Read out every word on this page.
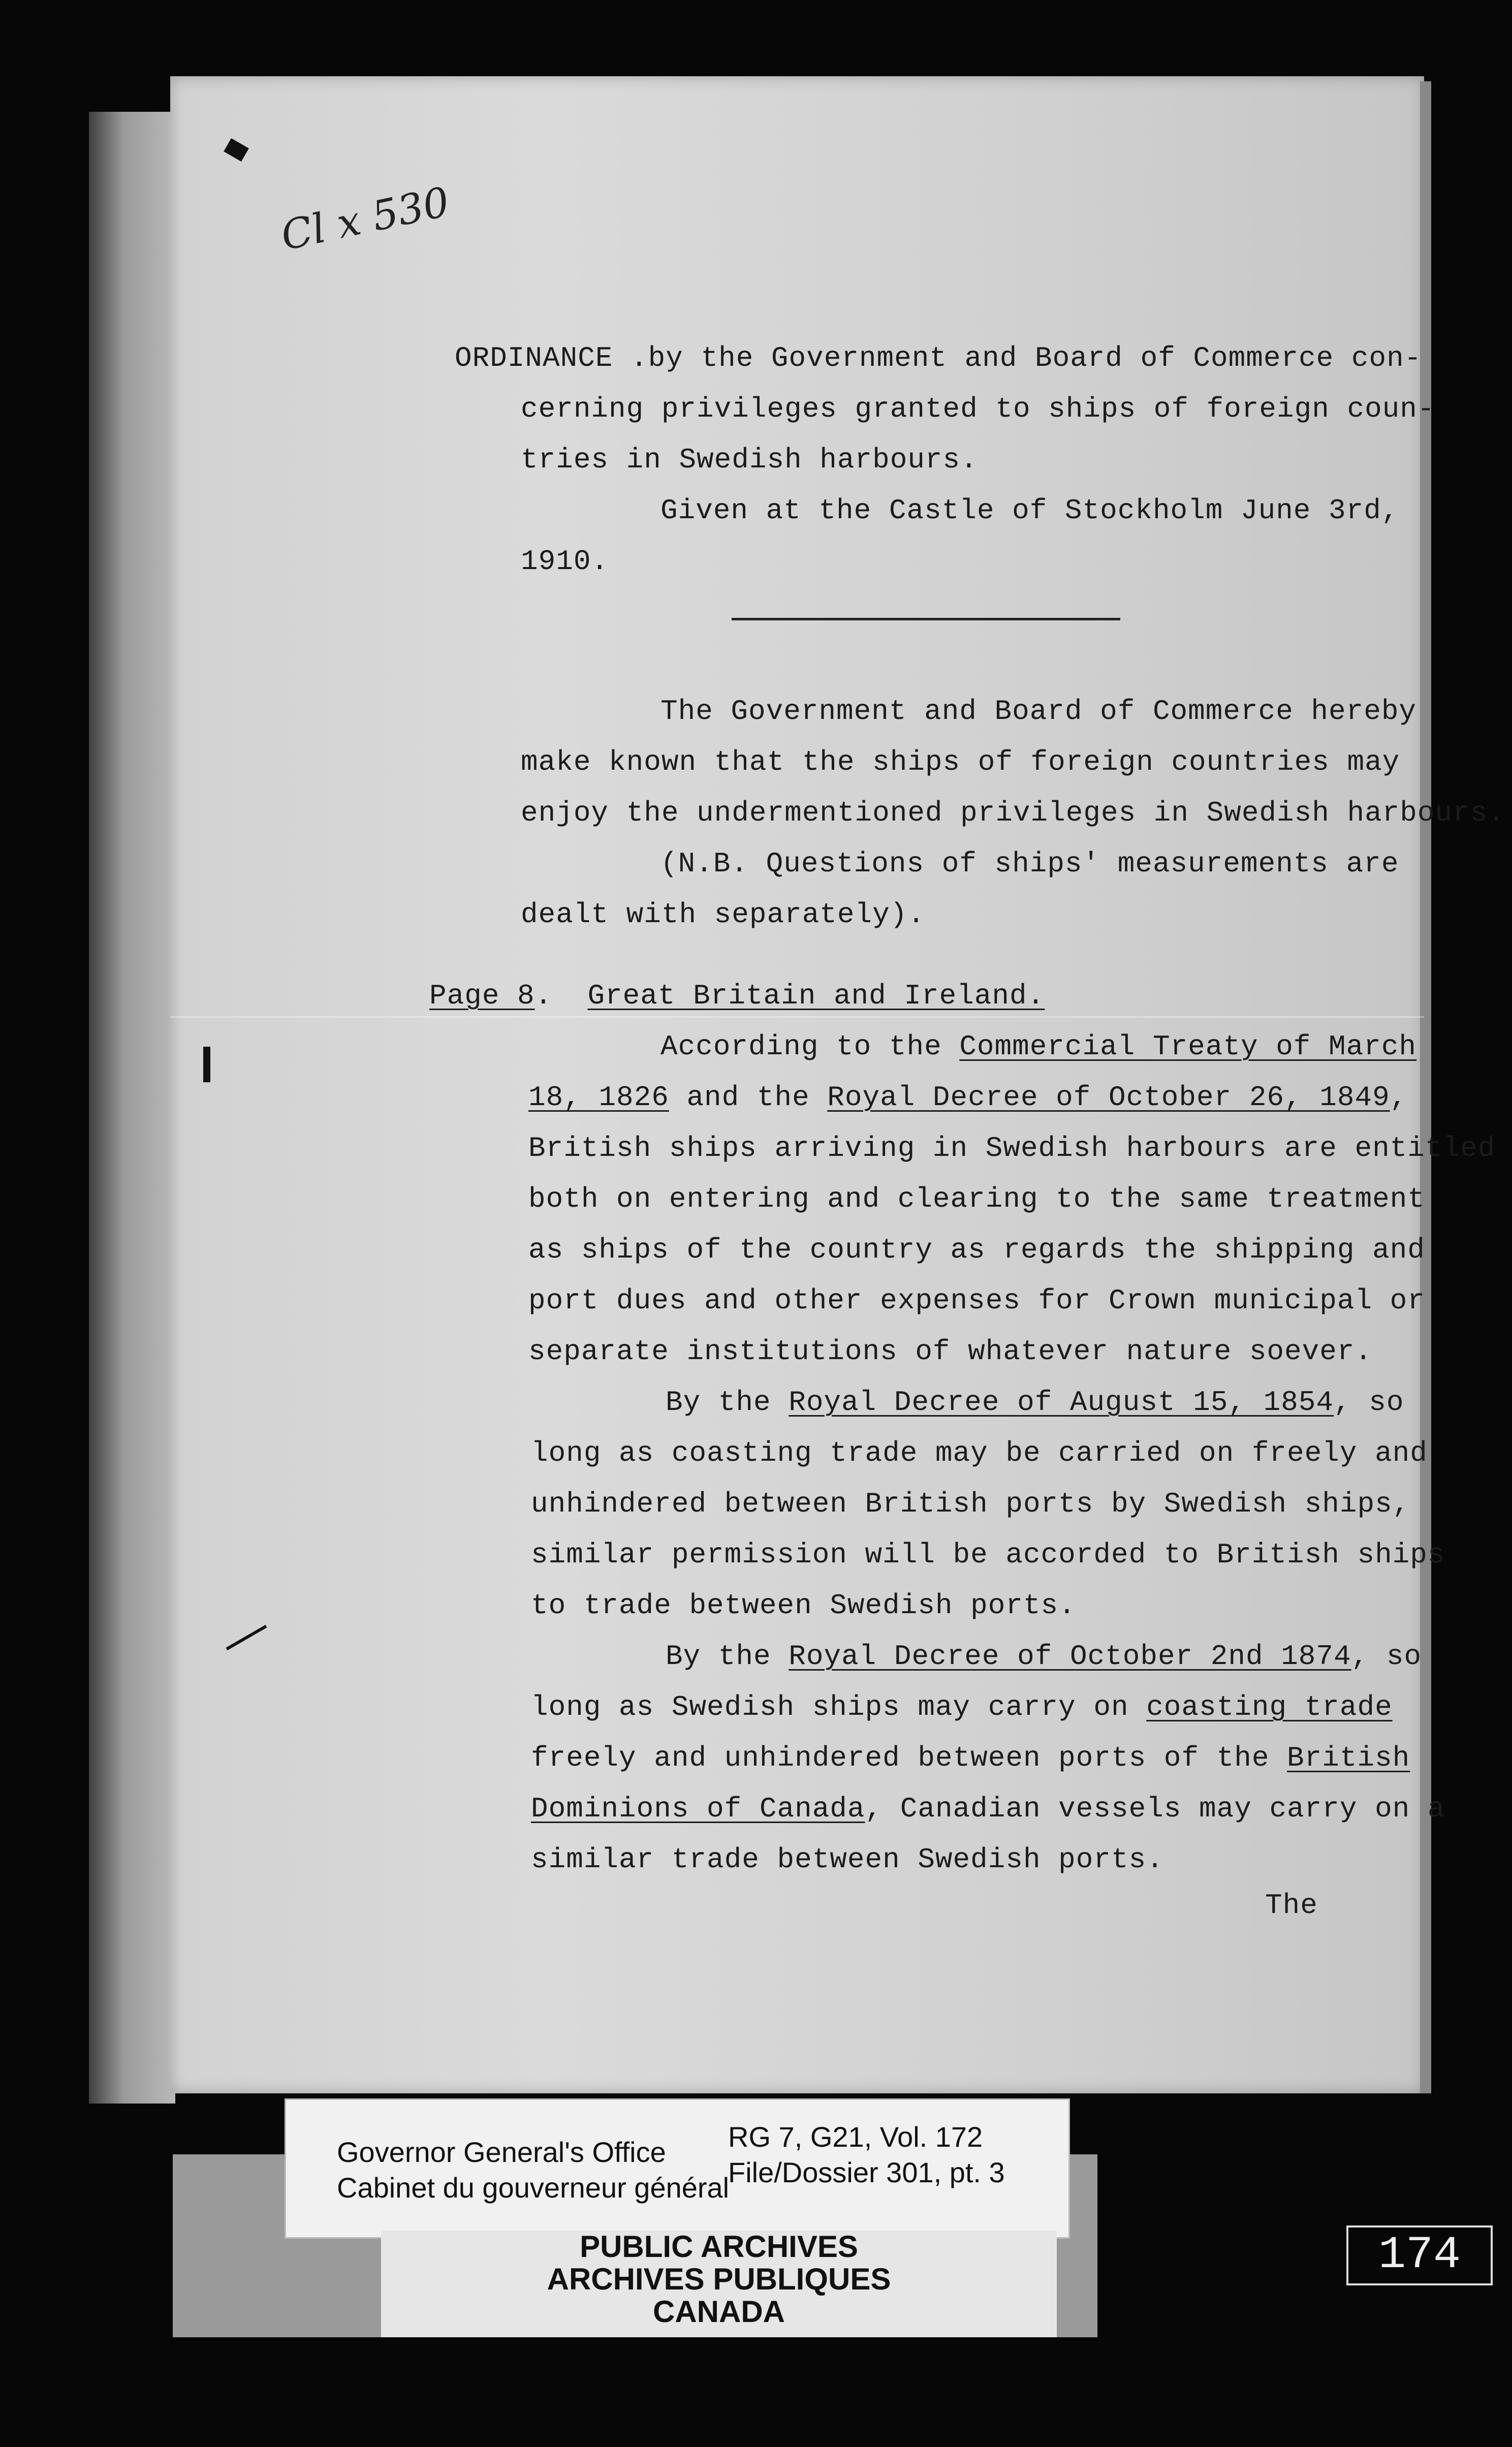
Cl x 530
ORDINANCE .by the Government and Board of Commerce con-
cerning privileges granted to ships of foreign coun-
tries in Swedish harbours.
Given at the Castle of Stockholm June 3rd,
1910.
The Government and Board of Commerce hereby
make known that the ships of foreign countries may
enjoy the undermentioned privileges in Swedish harbours.
(N.B. Questions of ships' measurements are
dealt with separately).
Page 8.  Great Britain and Ireland.
According to the Commercial Treaty of March
18, 1826 and the Royal Decree of October 26, 1849,
British ships arriving in Swedish harbours are entitled
both on entering and clearing to the same treatment
as ships of the country as regards the shipping and
port dues and other expenses for Crown municipal or
separate institutions of whatever nature soever.
By the Royal Decree of August 15, 1854, so
long as coasting trade may be carried on freely and
unhindered between British ports by Swedish ships,
similar permission will be accorded to British ships
to trade between Swedish ports.
By the Royal Decree of October 2nd 1874, so
long as Swedish ships may carry on coasting trade
freely and unhindered between ports of the British
Dominions of Canada, Canadian vessels may carry on a
similar trade between Swedish ports.
The
Governor General's Office
Cabinet du gouverneur général
RG 7, G21, Vol. 172
File/Dossier 301, pt. 3
PUBLIC ARCHIVES
ARCHIVES PUBLIQUES
CANADA
174
